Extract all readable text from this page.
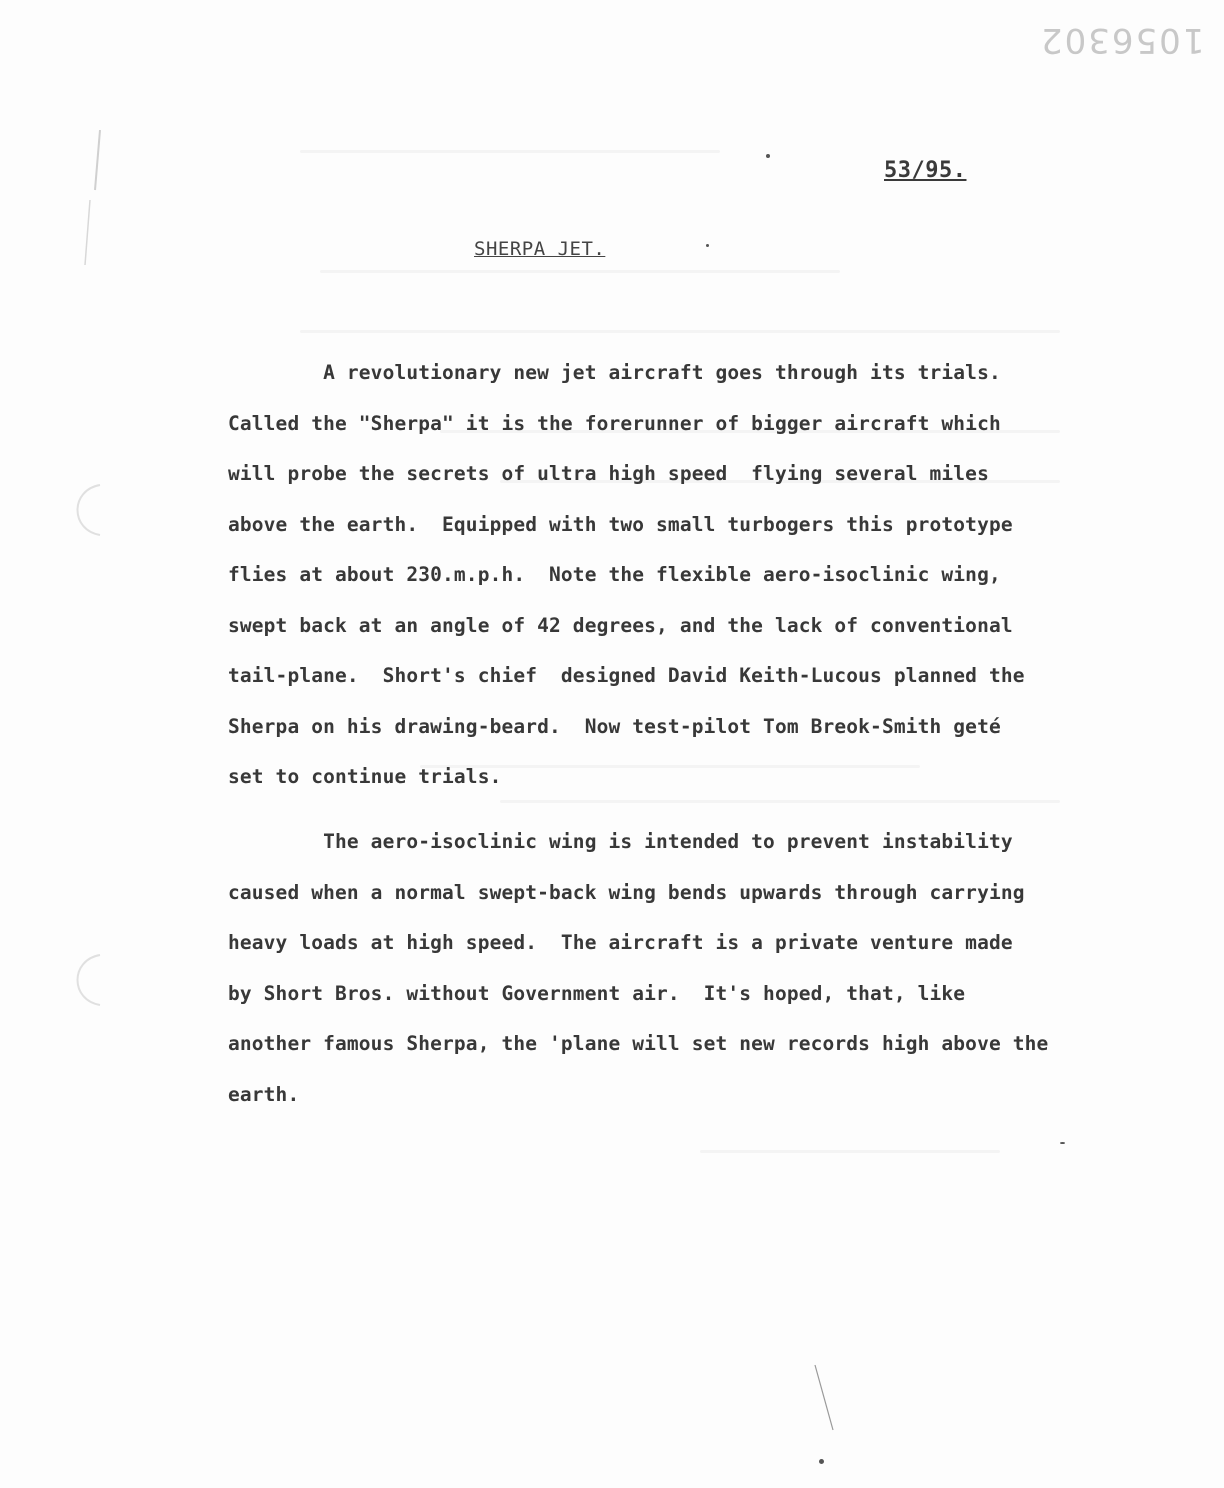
1056302
53/95.
SHERPA JET.
A revolutionary new jet aircraft goes through its trials.
Called the "Sherpa" it is the forerunner of bigger aircraft which
will probe the secrets of ultra high speed  flying several miles
above the earth.  Equipped with two small turbogers this prototype
flies at about 230.m.p.h.  Note the flexible aero-isoclinic wing,
swept back at an angle of 42 degrees, and the lack of conventional
tail-plane.  Short's chief  designed David Keith-Lucous planned the
Sherpa on his drawing-beard.  Now test-pilot Tom Breok-Smith geté
set to continue trials.
The aero-isoclinic wing is intended to prevent instability
caused when a normal swept-back wing bends upwards through carrying
heavy loads at high speed.  The aircraft is a private venture made
by Short Bros. without Government air.  It's hoped, that, like
another famous Sherpa, the 'plane will set new records high above the
earth.
